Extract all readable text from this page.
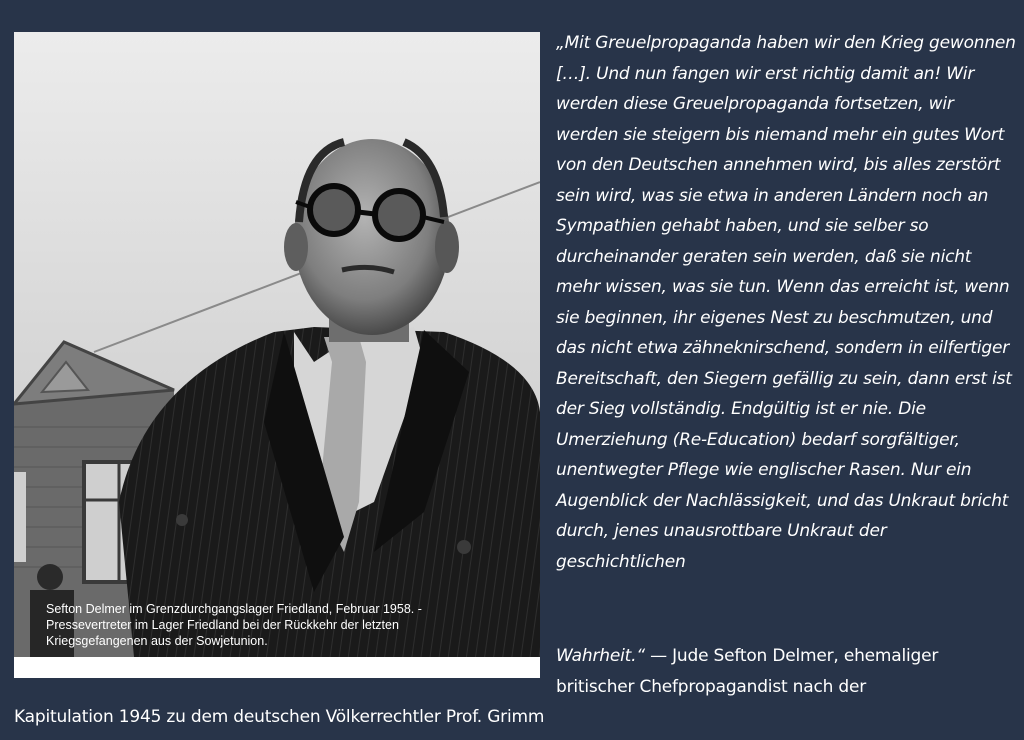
Sefton Delmer im Grenzdurchgangslager Friedland, Februar 1958. -
Pressevertreter im Lager Friedland bei der Rückkehr der letzten
Kriegsgefangenen aus der Sowjetunion.

„Mit Greuelpropaganda haben wir den Krieg gewonnen […]. Und nun fangen wir erst richtig damit an! Wir werden diese Greuelpropaganda fortsetzen, wir werden sie steigern bis niemand mehr ein gutes Wort von den Deutschen annehmen wird, bis alles zerstört sein wird, was sie etwa in anderen Ländern noch an Sympathien gehabt haben, und sie selber so durcheinander geraten sein werden, daß sie nicht mehr wissen, was sie tun. Wenn das erreicht ist, wenn sie beginnen, ihr eigenes Nest zu beschmutzen, und das nicht etwa zähneknirschend, sondern in eilfertiger Bereitschaft, den Siegern gefällig zu sein, dann erst ist der Sieg vollständig. Endgültig ist er nie. Die Umerziehung (Re-Education) bedarf sorgfältiger, unentwegter Pflege wie englischer Rasen. Nur ein Augenblick der Nachlässigkeit, und das Unkraut bricht durch, jenes unausrottbare Unkraut der geschichtlichen

Wahrheit.“ — Jude Sefton Delmer, ehemaliger britischer Chefpropagandist nach der

Kapitulation 1945 zu dem deutschen Völkerrechtler Prof. Grimm
